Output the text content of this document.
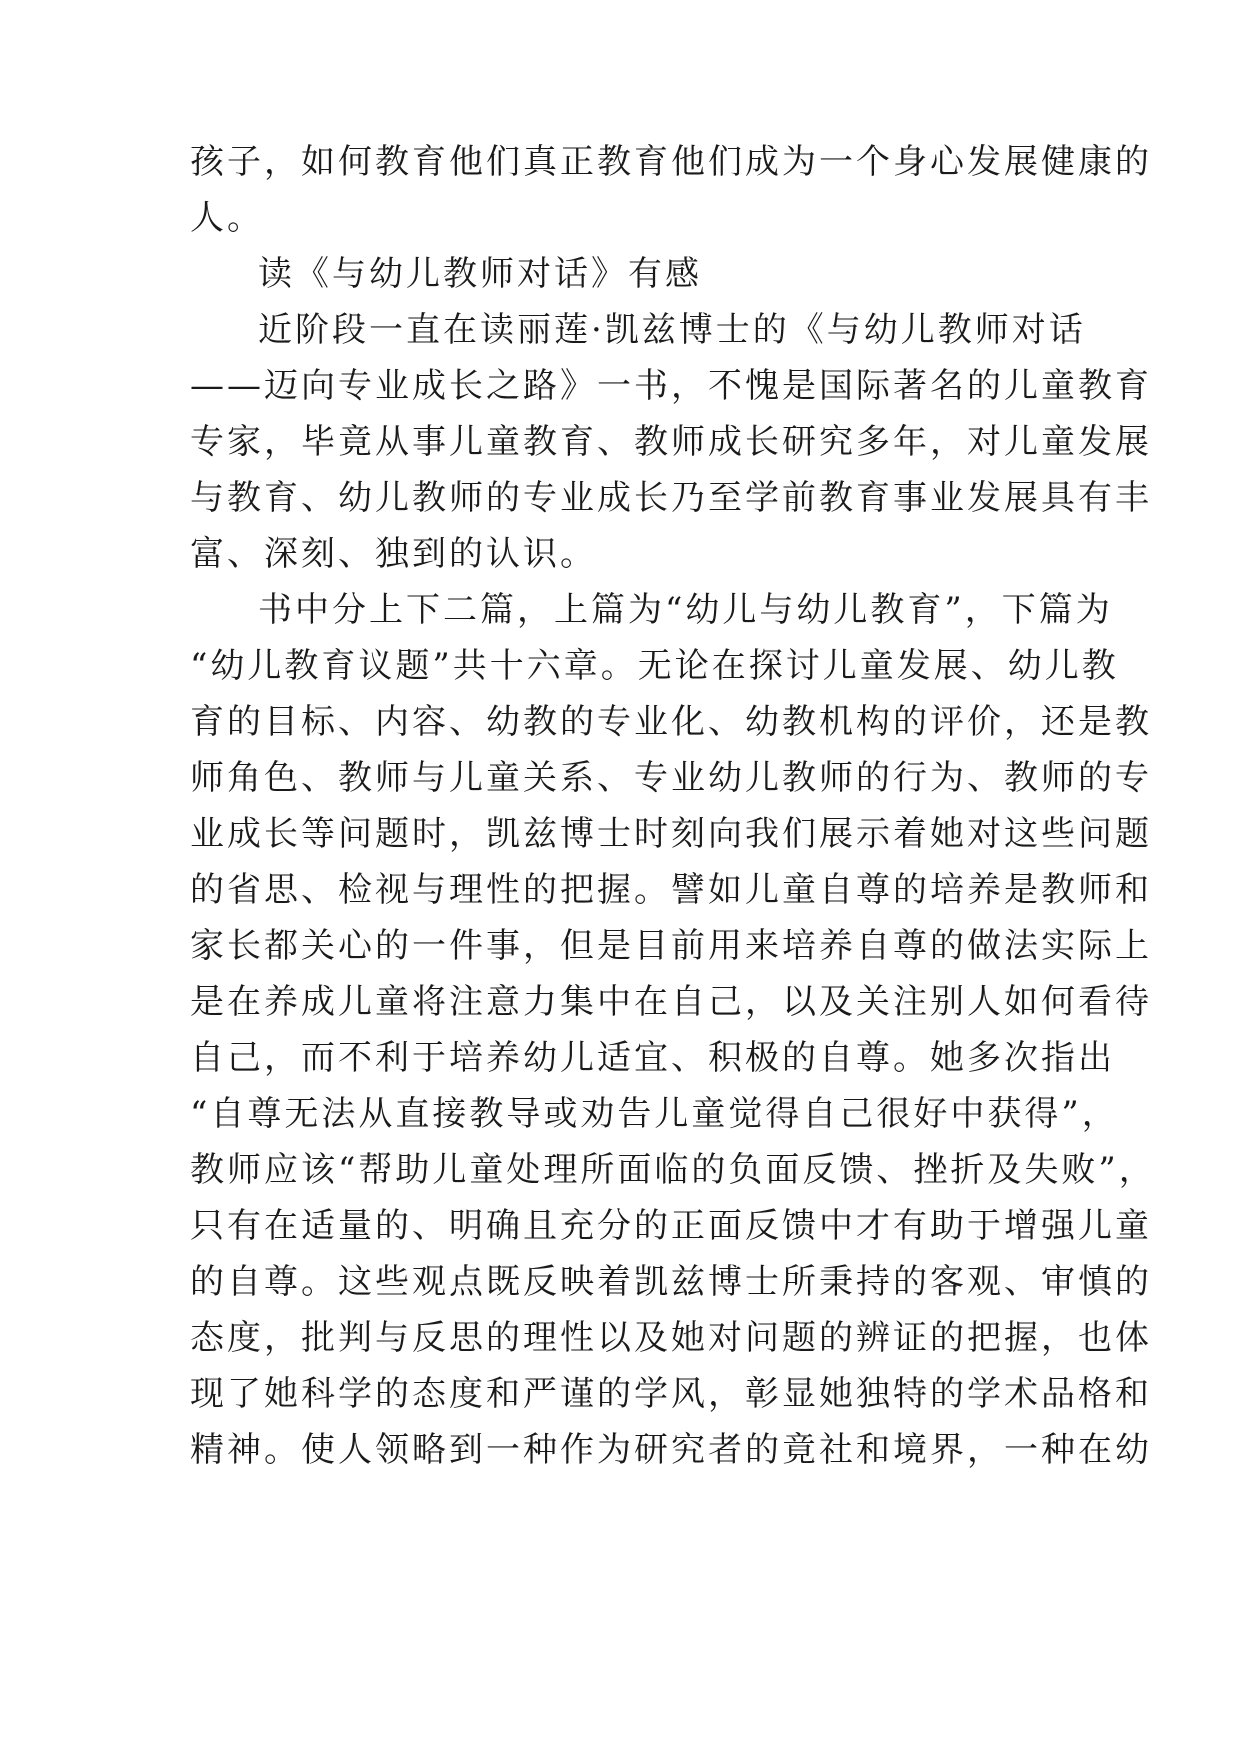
孩子，如何教育他们真正教育他们成为一个身心发展健康的

人。

读《与幼儿教师对话》有感

近阶段一直在读丽莲·凯兹博士的《与幼儿教师对话

——迈向专业成长之路》一书，不愧是国际著名的儿童教育

专家，毕竟从事儿童教育、教师成长研究多年，对儿童发展

与教育、幼儿教师的专业成长乃至学前教育事业发展具有丰

富、深刻、独到的认识。

书中分上下二篇，上篇为“幼儿与幼儿教育”，下篇为

“幼儿教育议题”共十六章。无论在探讨儿童发展、幼儿教

育的目标、内容、幼教的专业化、幼教机构的评价，还是教

师角色、教师与儿童关系、专业幼儿教师的行为、教师的专

业成长等问题时，凯兹博士时刻向我们展示着她对这些问题

的省思、检视与理性的把握。譬如儿童自尊的培养是教师和

家长都关心的一件事，但是目前用来培养自尊的做法实际上

是在养成儿童将注意力集中在自己，以及关注别人如何看待

自己，而不利于培养幼儿适宜、积极的自尊。她多次指出

“自尊无法从直接教导或劝告儿童觉得自己很好中获得”，

教师应该“帮助儿童处理所面临的负面反馈、挫折及失败”，

只有在适量的、明确且充分的正面反馈中才有助于增强儿童

的自尊。这些观点既反映着凯兹博士所秉持的客观、审慎的

态度，批判与反思的理性以及她对问题的辨证的把握，也体

现了她科学的态度和严谨的学风，彰显她独特的学术品格和

精神。使人领略到一种作为研究者的竟社和境界，一种在幼
